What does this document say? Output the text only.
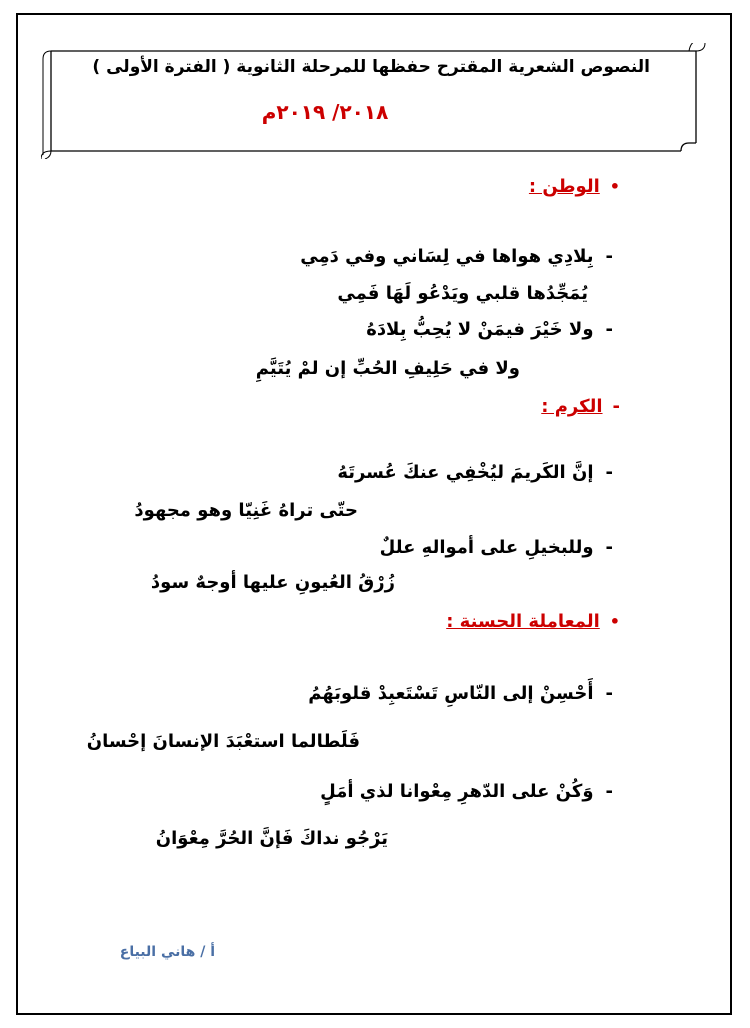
النصوص الشعرية المقترح حفظها للمرحلة الثانوية ( الفترة الأولى )
٢٠١٨/ ٢٠١٩م
•الوطن :
-بِلادِي هواها في لِسَاني وفي دَمِي
يُمَجِّدُها قلبي ويَدْعُو لَهَا فَمِي
-ولا خَيْرَ فيمَنْ لا يُحِبُّ بِلادَهُ
ولا في حَلِيفِ الحُبِّ إن لمْ يُتَيَّمِ
-الكرم :
-إنَّ الكَريمَ ليُخْفِي عنكَ عُسرتَهُ
حتّى تراهُ غَنِيّا وهو مجهودُ
-وللبخيلِ على أموالهِ عللٌ
زُرْقُ العُيونِ عليها أوجهٌ سودُ
•المعاملة الحسنة :
-أَحْسِنْ إلى النّاسِ تَسْتَعبِدْ قلوبَهُمُ
فَلَطالما استعْبَدَ الإنسانَ إحْسانُ
-وَكُنْ على الدّهرِ مِعْوانا لذي أمَلٍ
يَرْجُو نداكَ فَإنَّ الحُرَّ مِعْوَانُ
أ / هاني البياع
